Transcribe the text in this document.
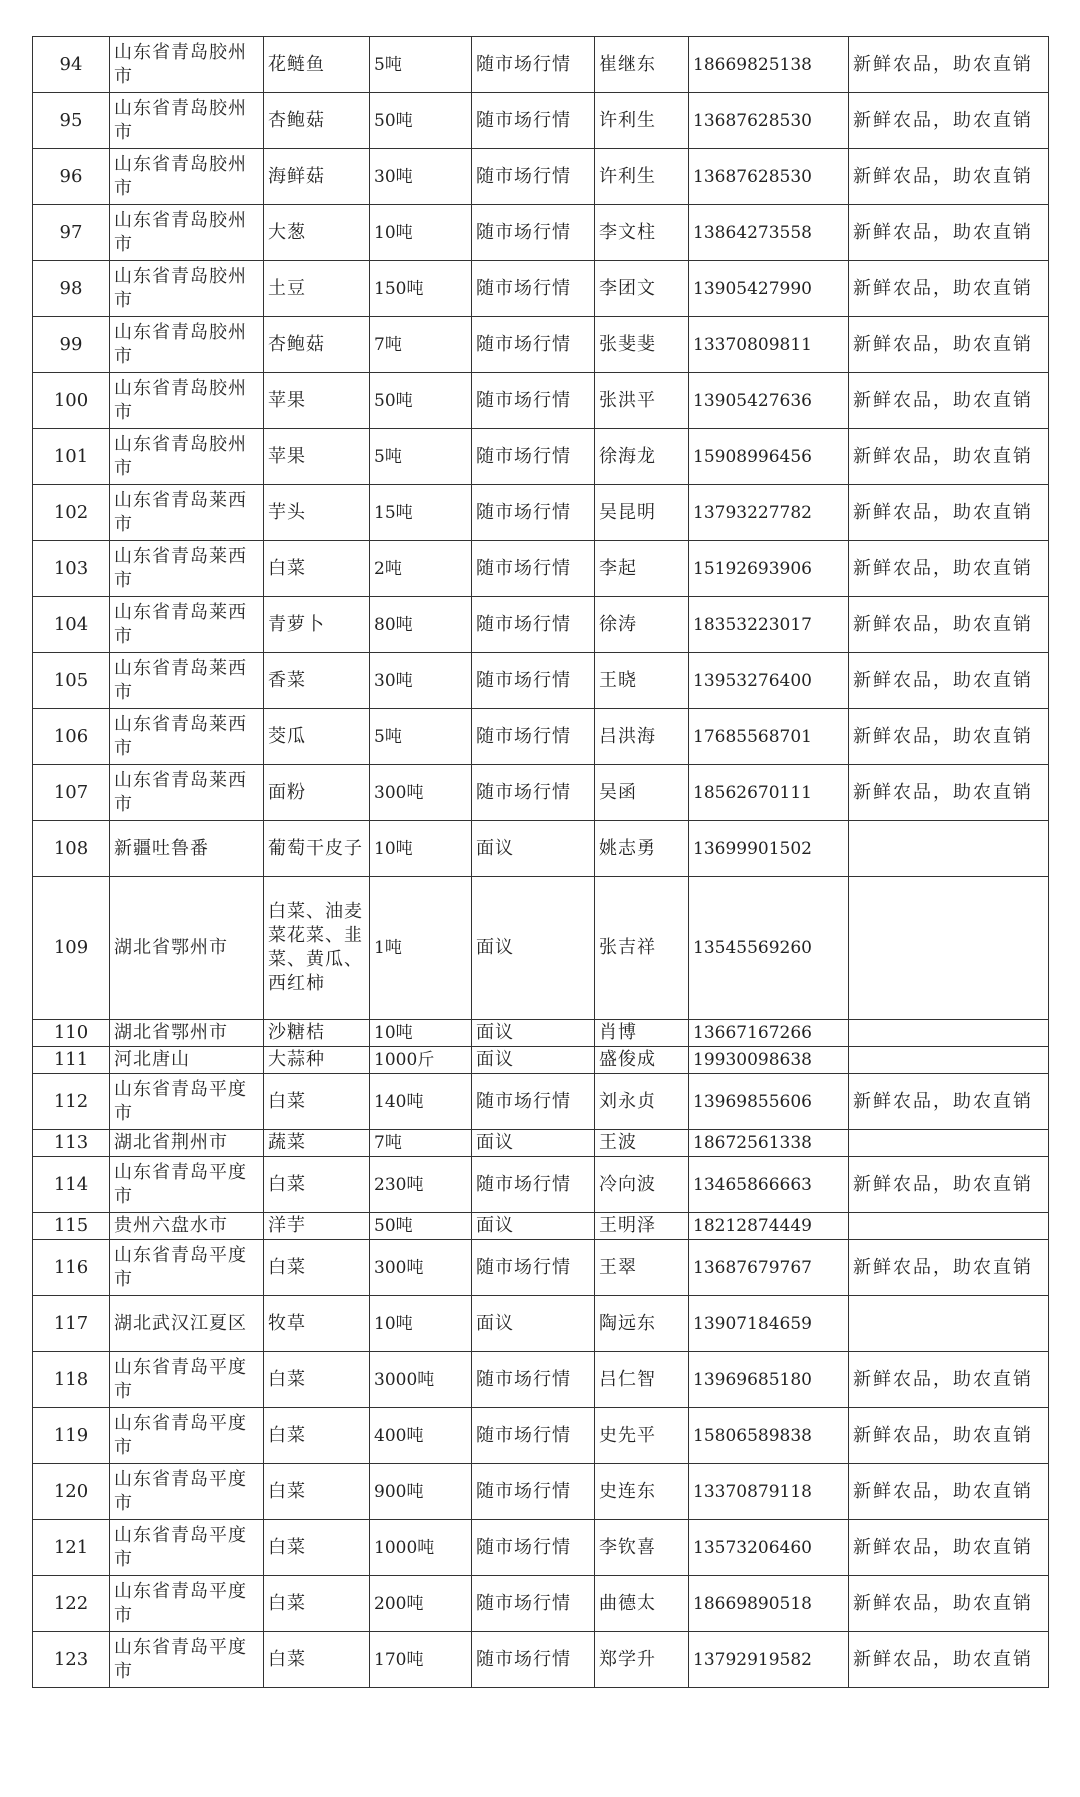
94	山东省青岛胶州市	花鲢鱼	5吨	随市场行情	崔继东	18669825138	新鲜农品，助农直销
95	山东省青岛胶州市	杏鲍菇	50吨	随市场行情	许利生	13687628530	新鲜农品，助农直销
96	山东省青岛胶州市	海鲜菇	30吨	随市场行情	许利生	13687628530	新鲜农品，助农直销
97	山东省青岛胶州市	大葱	10吨	随市场行情	李文柱	13864273558	新鲜农品，助农直销
98	山东省青岛胶州市	土豆	150吨	随市场行情	李团文	13905427990	新鲜农品，助农直销
99	山东省青岛胶州市	杏鲍菇	7吨	随市场行情	张斐斐	13370809811	新鲜农品，助农直销
100	山东省青岛胶州市	苹果	50吨	随市场行情	张洪平	13905427636	新鲜农品，助农直销
101	山东省青岛胶州市	苹果	5吨	随市场行情	徐海龙	15908996456	新鲜农品，助农直销
102	山东省青岛莱西市	芋头	15吨	随市场行情	吴昆明	13793227782	新鲜农品，助农直销
103	山东省青岛莱西市	白菜	2吨	随市场行情	李起	15192693906	新鲜农品，助农直销
104	山东省青岛莱西市	青萝卜	80吨	随市场行情	徐涛	18353223017	新鲜农品，助农直销
105	山东省青岛莱西市	香菜	30吨	随市场行情	王晓	13953276400	新鲜农品，助农直销
106	山东省青岛莱西市	茭瓜	5吨	随市场行情	吕洪海	17685568701	新鲜农品，助农直销
107	山东省青岛莱西市	面粉	300吨	随市场行情	吴函	18562670111	新鲜农品，助农直销
108	新疆吐鲁番	葡萄干皮子	10吨	面议	姚志勇	13699901502	
109	湖北省鄂州市	白菜、油麦菜花菜、韭菜、黄瓜、西红柿	1吨	面议	张吉祥	13545569260	
110	湖北省鄂州市	沙糖桔	10吨	面议	肖博	13667167266	
111	河北唐山	大蒜种	1000斤	面议	盛俊成	19930098638	
112	山东省青岛平度市	白菜	140吨	随市场行情	刘永贞	13969855606	新鲜农品，助农直销
113	湖北省荆州市	蔬菜	7吨	面议	王波	18672561338	
114	山东省青岛平度市	白菜	230吨	随市场行情	冷向波	13465866663	新鲜农品，助农直销
115	贵州六盘水市	洋芋	50吨	面议	王明泽	18212874449	
116	山东省青岛平度市	白菜	300吨	随市场行情	王翠	13687679767	新鲜农品，助农直销
117	湖北武汉江夏区	牧草	10吨	面议	陶远东	13907184659	
118	山东省青岛平度市	白菜	3000吨	随市场行情	吕仁智	13969685180	新鲜农品，助农直销
119	山东省青岛平度市	白菜	400吨	随市场行情	史先平	15806589838	新鲜农品，助农直销
120	山东省青岛平度市	白菜	900吨	随市场行情	史连东	13370879118	新鲜农品，助农直销
121	山东省青岛平度市	白菜	1000吨	随市场行情	李钦喜	13573206460	新鲜农品，助农直销
122	山东省青岛平度市	白菜	200吨	随市场行情	曲德太	18669890518	新鲜农品，助农直销
123	山东省青岛平度市	白菜	170吨	随市场行情	郑学升	13792919582	新鲜农品，助农直销
